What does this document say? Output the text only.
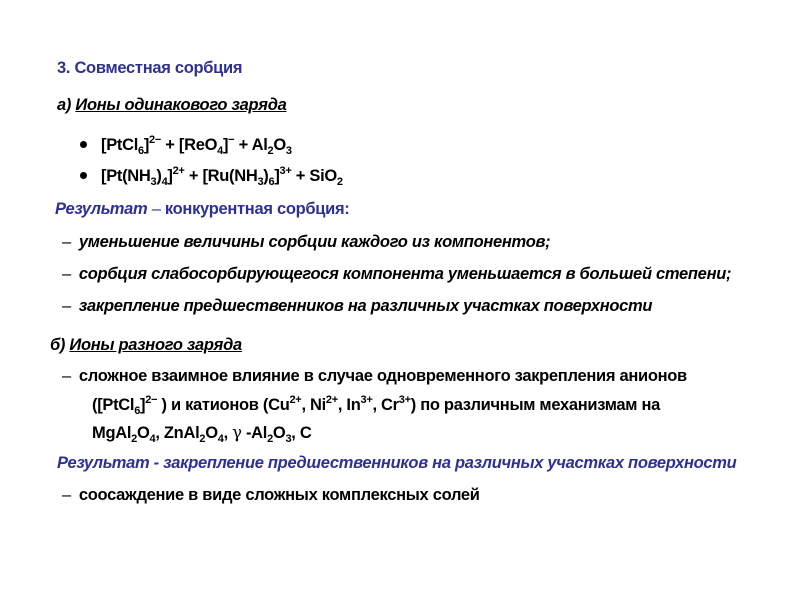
3. Совместная сорбция
а) Ионы одинакового заряда
[PtCl$_6$]$^{2-}$ + $[ReO_4]^- + Al_2O_3$
$[Pt(NH_3)_4]^{2+} + [Ru(NH_3)_6]^{3+} + SiO_2$
Результат – конкурентная сорбция:
– уменьшение величины сорбции каждого из компонентов;
– сорбция слабосорбирующегося компонента уменьшается в большей степени;
– закрепление предшественников на различных участках поверхности
б) Ионы разного заряда
– сложное взаимное влияние в случае одновременного закрепления анионов
([PtCl$_6$]$^{2-}$ ) и катионов ($Cu^{2+}$, $Ni^{2+}$, $In^{3+}$, $Cr^{3+}$) по различным механизмам на
$MgAl_2O_4$, $ZnAl_2O_4$, γ $-Al_2O_3$, C
Результат - закрепление предшественников на различных участках поверхности
– соосаждение в виде сложных комплексных солей
